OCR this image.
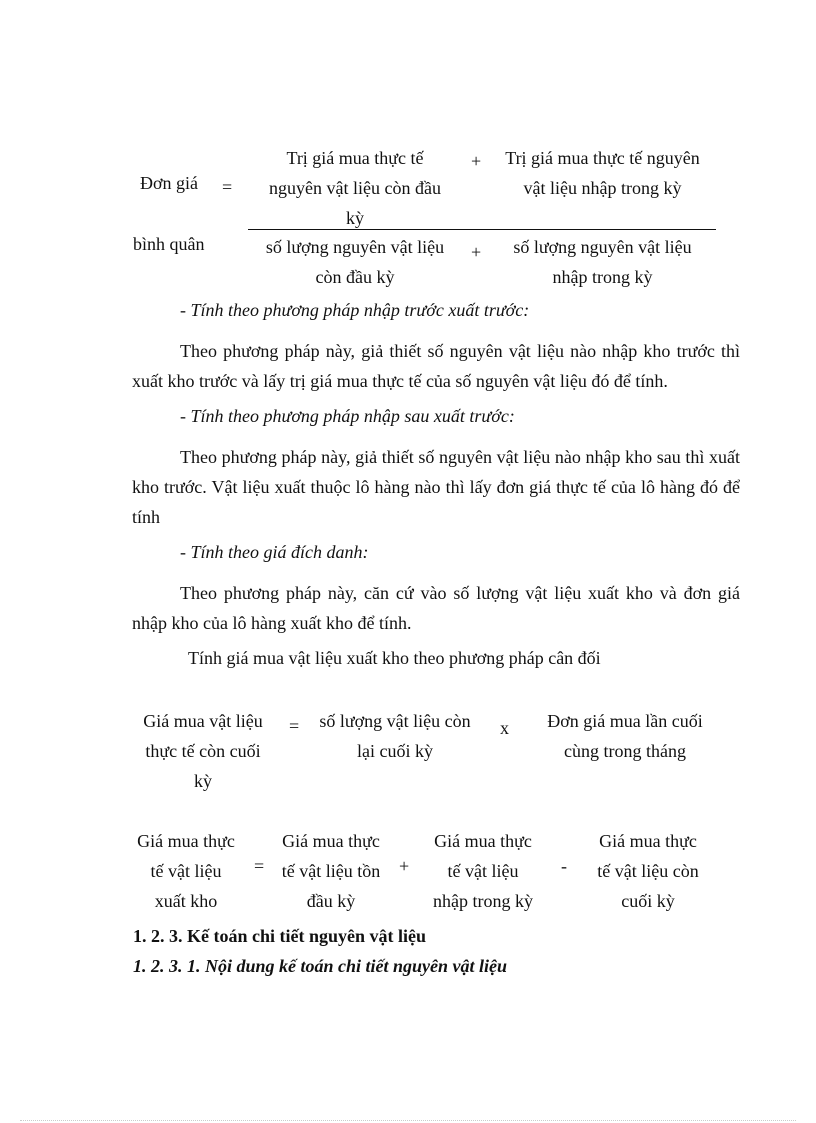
Đơn giá =
Trị giá mua thực tế
nguyên vật liệu còn đầu
kỳ
+	Trị giá mua thực tế nguyên
vật liệu nhập trong kỳ
bình quân	số lượng nguyên vật liệu
còn đầu kỳ
+	số lượng nguyên vật liệu
nhập trong kỳ
- Tính theo phương pháp nhập trước xuất trước:
Theo phương pháp này, giả thiết số nguyên vật liệu nào nhập kho trước thì xuất kho trước và lấy trị giá mua thực tế của số nguyên vật liệu đó để tính.
- Tính theo phương pháp nhập sau xuất trước:
Theo phương pháp này, giả thiết số nguyên vật liệu nào nhập kho sau thì xuất kho trước. Vật liệu xuất thuộc lô hàng nào thì lấy đơn giá thực tế của lô hàng đó để tính
- Tính theo giá đích danh:
Theo phương pháp này, căn cứ vào số lượng vật liệu xuất kho và đơn giá nhập kho của lô hàng xuất kho để tính.
Tính giá mua vật liệu xuất kho theo phương pháp cân đối
Giá mua vật liệu
thực tế còn cuối
kỳ
=	số lượng vật liệu còn
lại cuối kỳ
x	Đơn giá mua lần cuối
cùng trong tháng
Giá mua thực
tế vật liệu
xuất kho
=
Giá mua thực
tế vật liệu tồn
đầu kỳ
+
Giá mua thực
tế vật liệu
nhập trong kỳ
-
Giá mua thực
tế vật liệu còn
cuối kỳ
1. 2. 3. Kế toán chi tiết nguyên vật liệu
1. 2. 3. 1. Nội dung kế toán chi tiết nguyên vật liệu
